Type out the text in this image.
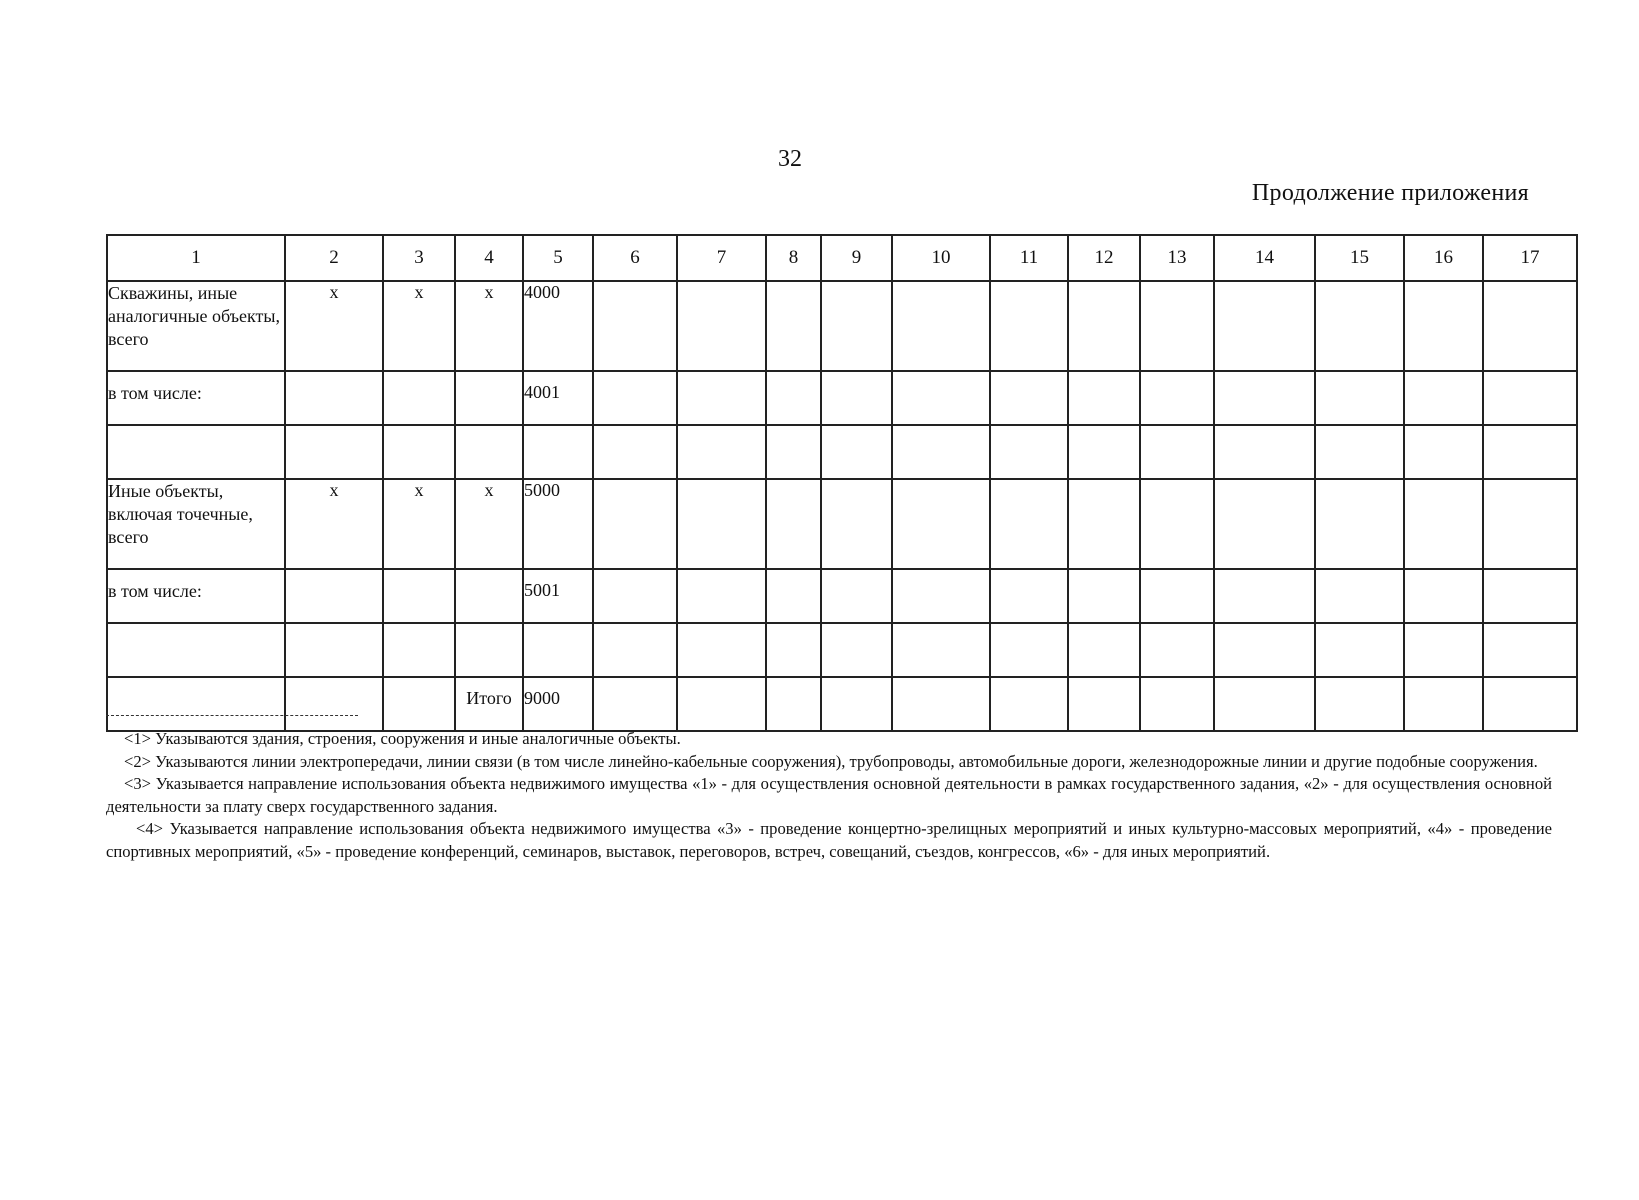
32
Продолжение приложения
1	2	3	4	5	6	7	8	9	10	11	12	13	14	15	16	17
Скважины, иные аналогичные объекты, всего	x	x	x	4000												
в том числе:				4001												

Иные объекты, включая точечные, всего	x	x	x	5000												
в том числе:				5001												

			Итого	9000												

<1> Указываются здания, строения, сооружения и иные аналогичные объекты.

<2> Указываются линии электропередачи, линии связи (в том числе линейно-кабельные сооружения), трубопроводы, автомобильные дороги, железнодорожные линии и другие подобные сооружения.

<3> Указывается направление использования объекта недвижимого имущества «1» - для осуществления основной деятельности в рамках государственного задания, «2» - для осуществления основной деятельности за плату сверх государственного задания.

<4> Указывается направление использования объекта недвижимого имущества «3» - проведение концертно-зрелищных мероприятий и иных культурно-массовых мероприятий, «4» - проведение спортивных мероприятий, «5» - проведение конференций, семинаров, выставок, переговоров, встреч, совещаний, съездов, конгрессов, «6» - для иных мероприятий.
